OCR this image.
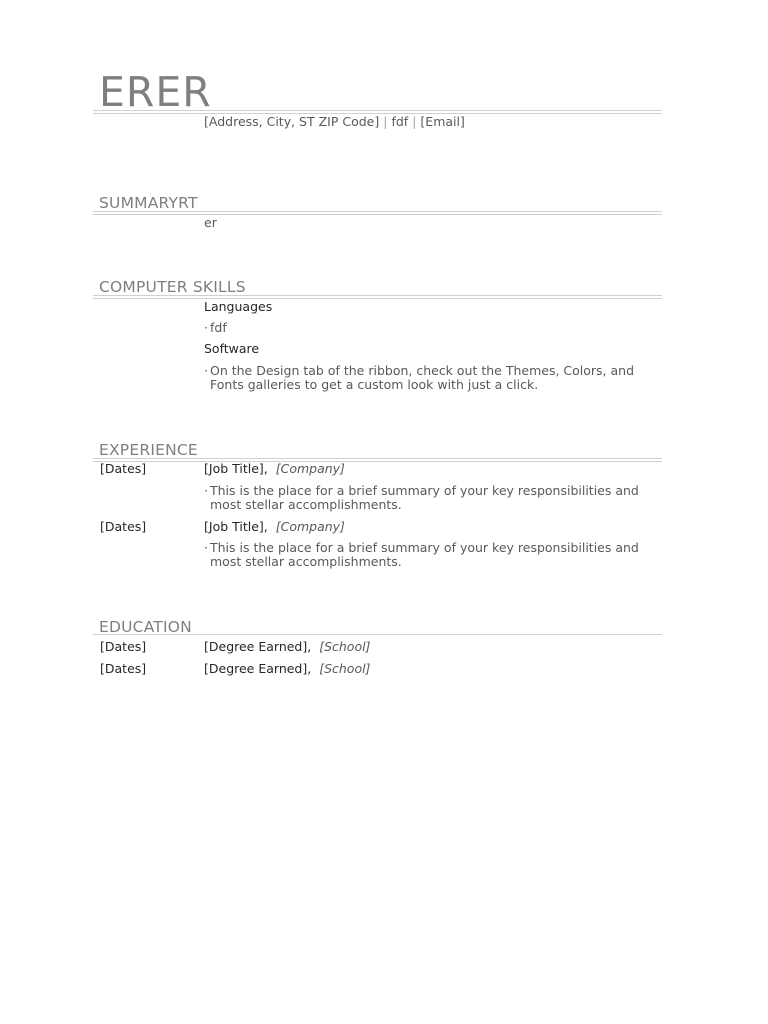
ERER
[Address, City, ST ZIP Code] | fdf | [Email]
SUMMARYRT
er
COMPUTER SKILLS
Languages
· fdf
Software
· On the Design tab of the ribbon, check out the Themes, Colors, and Fonts galleries to get a custom look with just a click.
EXPERIENCE
[Dates]	[Job Title], [Company]
· This is the place for a brief summary of your key responsibilities and most stellar accomplishments.
[Dates]	[Job Title], [Company]
· This is the place for a brief summary of your key responsibilities and most stellar accomplishments.
EDUCATION
[Dates]	[Degree Earned], [School]
[Dates]	[Degree Earned], [School]
